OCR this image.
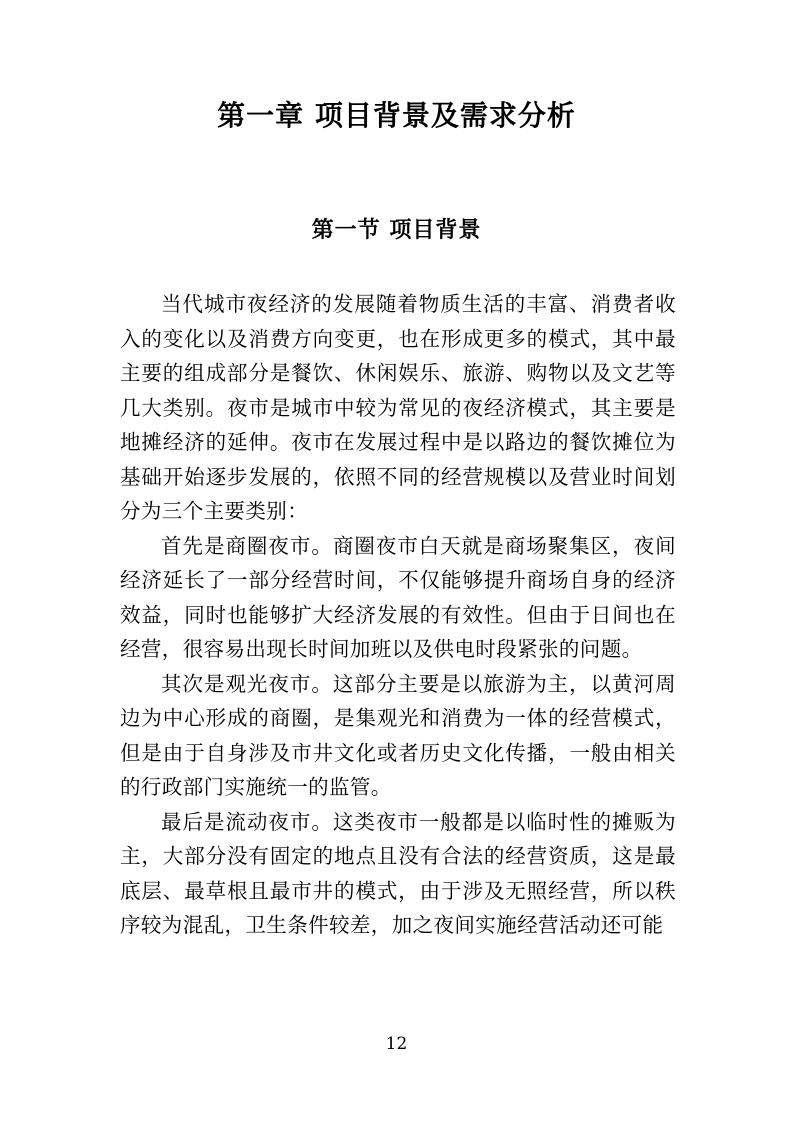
第一章 项目背景及需求分析
第一节 项目背景

当代城市夜经济的发展随着物质生活的丰富、消费者收入的变化以及消费方向变更，也在形成更多的模式，其中最主要的组成部分是餐饮、休闲娱乐、旅游、购物以及文艺等几大类别。夜市是城市中较为常见的夜经济模式，其主要是地摊经济的延伸。夜市在发展过程中是以路边的餐饮摊位为基础开始逐步发展的，依照不同的经营规模以及营业时间划分为三个主要类别：

首先是商圈夜市。商圈夜市白天就是商场聚集区，夜间经济延长了一部分经营时间，不仅能够提升商场自身的经济效益，同时也能够扩大经济发展的有效性。但由于日间也在经营，很容易出现长时间加班以及供电时段紧张的问题。

其次是观光夜市。这部分主要是以旅游为主，以黄河周边为中心形成的商圈，是集观光和消费为一体的经营模式，但是由于自身涉及市井文化或者历史文化传播，一般由相关的行政部门实施统一的监管。

最后是流动夜市。这类夜市一般都是以临时性的摊贩为主，大部分没有固定的地点且没有合法的经营资质，这是最底层、最草根且最市井的模式，由于涉及无照经营，所以秩序较为混乱，卫生条件较差，加之夜间实施经营活动还可能

12
